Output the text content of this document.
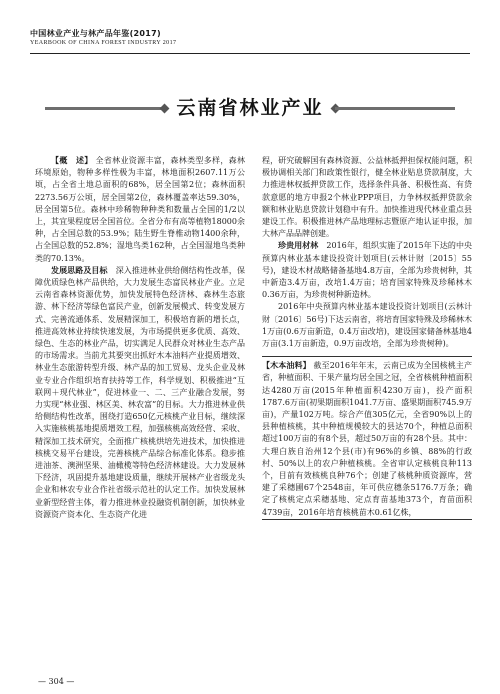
中国林业产业与林产品年鉴(2017)
YEARBOOK OF CHINA FOREST INDUSTRY 2017
云南省林业产业

【概　述】 全省林业资源丰富，森林类型多样，森林环境原始，物种多样性极为丰富，林地面积2607.11万公顷，占全省土地总面积的68%，居全国第2位；森林面积2273.56万公顷，居全国第2位，森林覆盖率达59.30%，居全国第5位。森林中珍稀物种种类和数量占全国的1/2以上，其宜果程度居全国首位。全省分布有高等植物18000余种，占全国总数的53.9%；陆生野生脊椎动物1400余种，占全国总数的52.8%；湿地鸟类162种，占全国湿地鸟类种类的70.13%。

发展思路及目标　 深入推进林业供给侧结构性改革，保障优质绿色林产品供给，大力发展生态富民林业产业。立足云南省森林资源优势，加快发展特色经济林、森林生态旅游、林下经济等绿色富民产业，创新发展模式、转变发展方式、完善流通体系、发展精深加工，积极培育新的增长点，推进高效林业持续快速发展，为市场提供更多优质、高效、绿色、生态的林业产品，切实满足人民群众对林业生态产品的市场需求。当前尤其要突出抓好木本油料产业提质增效、林业生态旅游转型升级、林产品的加工贸易、龙头企业及林业专业合作组织培育扶持等工作，科学规划、积极推进“互联网＋现代林业”，促进林业一、二、三产业融合发展，努力实现“林业强、林区美、林农富”的目标。大力推进林业供给侧结构性改革，围绕打造650亿元核桃产业目标，继续深入实施核桃基地提质增效工程，加强核桃高效经营、采收、精深加工技术研究，全面推广核桃烘培先进技术，加快推进核桃交易平台建设，完善核桃产品综合标准化体系。稳步推进油茶、澳洲坚果、油橄榄等特色经济林建设。大力发展林下经济，巩固提升基地建设质量，继续开展林产业省级龙头企业和林农专业合作社省级示范社的认定工作。加快发展林业新型经营主体，着力推进林业投融资机制创新，加快林业资源资产资本化、生态资产化进

程，研究破解国有森林资源、公益林抵押担保权能问题，积极协调相关部门和政策性银行，健全林业贴息贷款制度，大力推进林权抵押贷款工作，选择条件具备、积极性高、有贷款意愿的地方申报2个林业PPP项目，力争林权抵押贷款余额和林业贴息贷款计划稳中有升。加快推进现代林业重点县建设工作。积极推进林产品地理标志暨原产地认证申报，加大林产品品牌创建。

珍贵用材林　 2016年，组织实施了2015年下达的中央预算内林业基本建设投资计划项目(云林计财〔2015〕55号)，建设木材战略储备基地4.8万亩，全部为珍贵树种，其中新造3.4万亩，改培1.4万亩；培育国家特殊及珍稀林木0.36万亩，为珍贵树种新造林。

2016年中央预算内林业基本建设投资计划项目(云林计财〔2016〕56号)下达云南省，将培育国家特殊及珍稀林木1万亩(0.6万亩新造，0.4万亩改培)，建设国家储备林基地4万亩(3.1万亩新造，0.9万亩改培，全部为珍贵树种)。

【木本油料】 截至2016年年末，云南已成为全国核桃主产省，种植面积、干果产量均居全国之冠，全省核桃种植面积达4280万亩(2015年种植面积4230万亩)，投产面积1787.6万亩(初果期面积1041.7万亩、盛果期面积745.9万亩)，产量102万吨。综合产值305亿元，全省90%以上的县种植核桃，其中种植规模较大的县达70个，种植总面积超过100万亩的有8个县，超过50万亩的有28个县。其中：大理白族自治州12个县(市)有96%的乡镇、88%的行政村、50%以上的农户种植核桃。全省审认定核桃良种113个，目前有效核桃良种76个；创建了核桃种质资源库，营建了采穗圃67个2548亩，年可供应穗条5176.7万条；确定了核桃定点采穗基地、定点育苗基地373个，育苗面积4739亩，2016年培育核桃苗木0.61亿株，

— 304 —
